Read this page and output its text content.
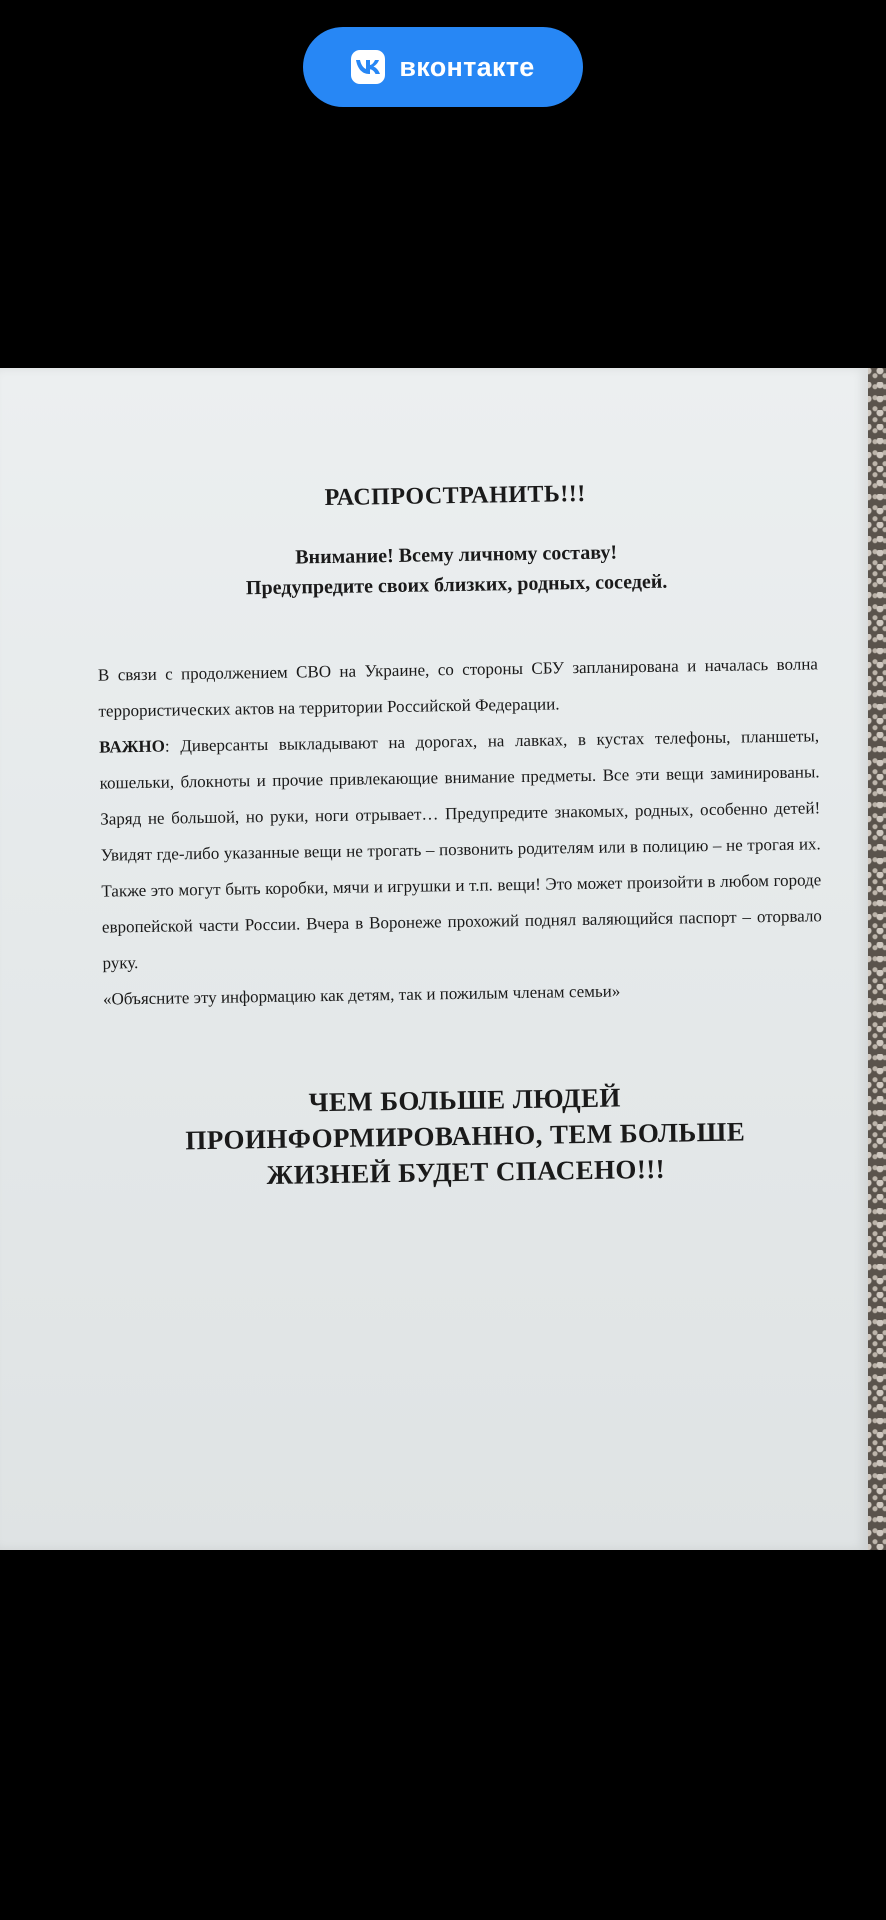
вконтакте
РАСПРОСТРАНИТЬ!!!

Внимание! Всему личному составу!

Предупредите своих близких, родных, соседей.

В связи с продолжением СВО на Украине, со стороны СБУ запланирована и началась волна террористических актов на территории Российской Федерации.

ВАЖНО: Диверсанты выкладывают на дорогах, на лавках, в кустах телефоны, планшеты, кошельки, блокноты и прочие привлекающие внимание предметы. Все эти вещи заминированы. Заряд не большой, но руки, ноги отрывает… Предупредите знакомых, родных, особенно детей! Увидят где-либо указанные вещи не трогать – позвонить родителям или в полицию – не трогая их. Также это могут быть коробки, мячи и игрушки и т.п. вещи! Это может произойти в любом городе европейской части России. Вчера в Воронеже прохожий поднял валяющийся паспорт – оторвало руку.

«Объясните эту информацию как детям, так и пожилым членам семьи»

ЧЕМ БОЛЬШЕ ЛЮДЕЙ
ПРОИНФОРМИРОВАННО, ТЕМ БОЛЬШЕ
ЖИЗНЕЙ БУДЕТ СПАСЕНО!!!
